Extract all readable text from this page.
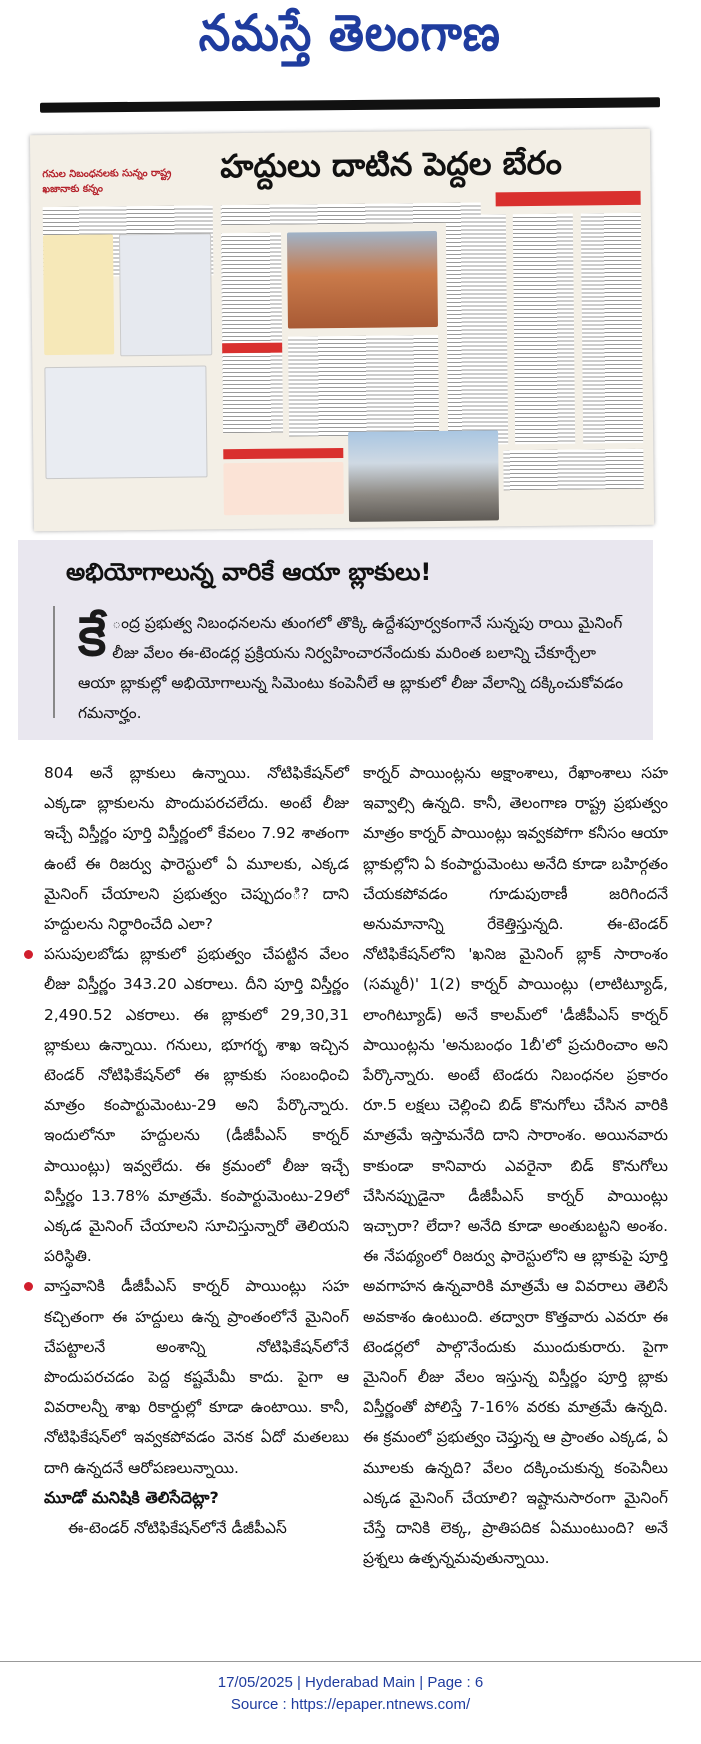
నమస్తే తెలంగాణ
గనుల నిబంధనలకు సున్నం రాష్ట్ర ఖజానాకు కన్నం
హద్దులు దాటిన పెద్దల బేరం
అభియోగాలున్న వారికే ఆయా బ్లాకులు!
కే ంద్ర ప్రభుత్వ నిబంధనలను తుంగలో తొక్కి ఉద్దేశపూర్వకంగానే సున్నపు రాయి మైనింగ్ లీజు వేలం ఈ-టెండర్ల ప్రక్రియను నిర్వహించారనేందుకు మరింత బలాన్ని చేకూర్చేలా ఆయా బ్లాకుల్లో అభియోగాలున్న సిమెంటు కంపెనీలే ఆ బ్లాకులో లీజు వేలాన్ని దక్కించుకోవడం గమనార్హం.

804 అనే బ్లాకులు ఉన్నాయి. నోటిఫికేషన్‌లో ఎక్కడా బ్లాకులను పొందుపరచలేదు. అంటే లీజు ఇచ్చే విస్తీర్ణం పూర్తి విస్తీర్ణంలో కేవలం 7.92 శాతంగా ఉంటే ఈ రిజర్వు ఫారెస్టులో ఏ మూలకు, ఎక్కడ మైనింగ్ చేయాలని ప్రభుత్వం చెప్పుదంి? దాని హద్దులను నిర్ధారించేది ఎలా?

పసుపులబోడు బ్లాకులో ప్రభుత్వం చేపట్టిన వేలం లీజు విస్తీర్ణం 343.20 ఎకరాలు. దీని పూర్తి విస్తీర్ణం 2,490.52 ఎకరాలు. ఈ బ్లాకులో 29,30,31 బ్లాకులు ఉన్నాయి. గనులు, భూగర్భ శాఖ ఇచ్చిన టెండర్ నోటిఫికేషన్‌లో ఈ బ్లాకుకు సంబంధించి మాత్రం కంపార్టుమెంటు-29 అని పేర్కొన్నారు. ఇందులోనూ హద్దులను (డీజీపీఎస్ కార్నర్ పాయింట్లు) ఇవ్వలేదు. ఈ క్రమంలో లీజు ఇచ్చే విస్తీర్ణం 13.78% మాత్రమే. కంపార్టుమెంటు-29లో ఎక్కడ మైనింగ్ చేయాలని సూచిస్తున్నారో తెలియని పరిస్థితి.

వాస్తవానికి డీజీపీఎస్ కార్నర్ పాయింట్లు సహ కచ్చితంగా ఈ హద్దులు ఉన్న ప్రాంతంలోనే మైనింగ్ చేపట్టాలనే అంశాన్ని నోటిఫికేషన్‌లోనే పొందుపరచడం పెద్ద కష్టమేమీ కాదు. పైగా ఆ వివరాలన్నీ శాఖ రికార్డుల్లో కూడా ఉంటాయి. కానీ, నోటిఫికేషన్‌లో ఇవ్వకపోవడం వెనక ఏదో మతలబు దాగి ఉన్నదనే ఆరోపణలున్నాయి.

మూడో మనిషికి తెలిసేదెట్లా?

ఈ-టెండర్ నోటిఫికేషన్‌లోనే డీజీపీఎస్

కార్నర్ పాయింట్లను అక్షాంశాలు, రేఖాంశాలు సహ ఇవ్వాల్సి ఉన్నది. కానీ, తెలంగాణ రాష్ట్ర ప్రభుత్వం మాత్రం కార్నర్ పాయింట్లు ఇవ్వకపోగా కనీసం ఆయా బ్లాకుల్లోని ఏ కంపార్టుమెంటు అనేది కూడా బహిర్గతం చేయకపోవడం గూడుపుఠాణీ జరిగిందనే అనుమానాన్ని రేకెత్తిస్తున్నది. ఈ-టెండర్ నోటిఫికేషన్‌లోని 'ఖనిజ మైనింగ్ బ్లాక్ సారాంశం (సమ్మరీ)' 1(2) కార్నర్ పాయింట్లు (లాటిట్యూడ్, లాంగిట్యూడ్) అనే కాలమ్‌లో 'డీజీపీఎస్ కార్నర్ పాయింట్లను 'అనుబంధం 1బీ'లో ప్రచురించాం అని పేర్కొన్నారు. అంటే టెండరు నిబంధనల ప్రకారం రూ.5 లక్షలు చెల్లించి బిడ్ కొనుగోలు చేసిన వారికి మాత్రమే ఇస్తామనేది దాని సారాంశం. అయినవారు కాకుండా కానివారు ఎవరైనా బిడ్ కొనుగోలు చేసినప్పుడైనా డీజీపీఎస్ కార్నర్ పాయింట్లు ఇచ్చారా? లేదా? అనేది కూడా అంతుబట్టని అంశం. ఈ నేపథ్యంలో రిజర్వు ఫారెస్టులోని ఆ బ్లాకుపై పూర్తి అవగాహన ఉన్నవారికి మాత్రమే ఆ వివరాలు తెలిసే అవకాశం ఉంటుంది. తద్వారా కొత్తవారు ఎవరూ ఈ టెండర్లలో పాల్గొనేందుకు ముందుకురారు. పైగా మైనింగ్ లీజు వేలం ఇస్తున్న విస్తీర్ణం పూర్తి బ్లాకు విస్తీర్ణంతో పోలిస్తే 7-16% వరకు మాత్రమే ఉన్నది. ఈ క్రమంలో ప్రభుత్వం చెప్తున్న ఆ ప్రాంతం ఎక్కడ, ఏ మూలకు ఉన్నది? వేలం దక్కించుకున్న కంపెనీలు ఎక్కడ మైనింగ్ చేయాలి? ఇష్టానుసారంగా మైనింగ్ చేస్తే దానికి లెక్క, ప్రాతిపదిక ఏముంటుంది? అనే ప్రశ్నలు ఉత్పన్నమవుతున్నాయి.

17/05/2025 | Hyderabad Main | Page : 6
Source : https://epaper.ntnews.com/
